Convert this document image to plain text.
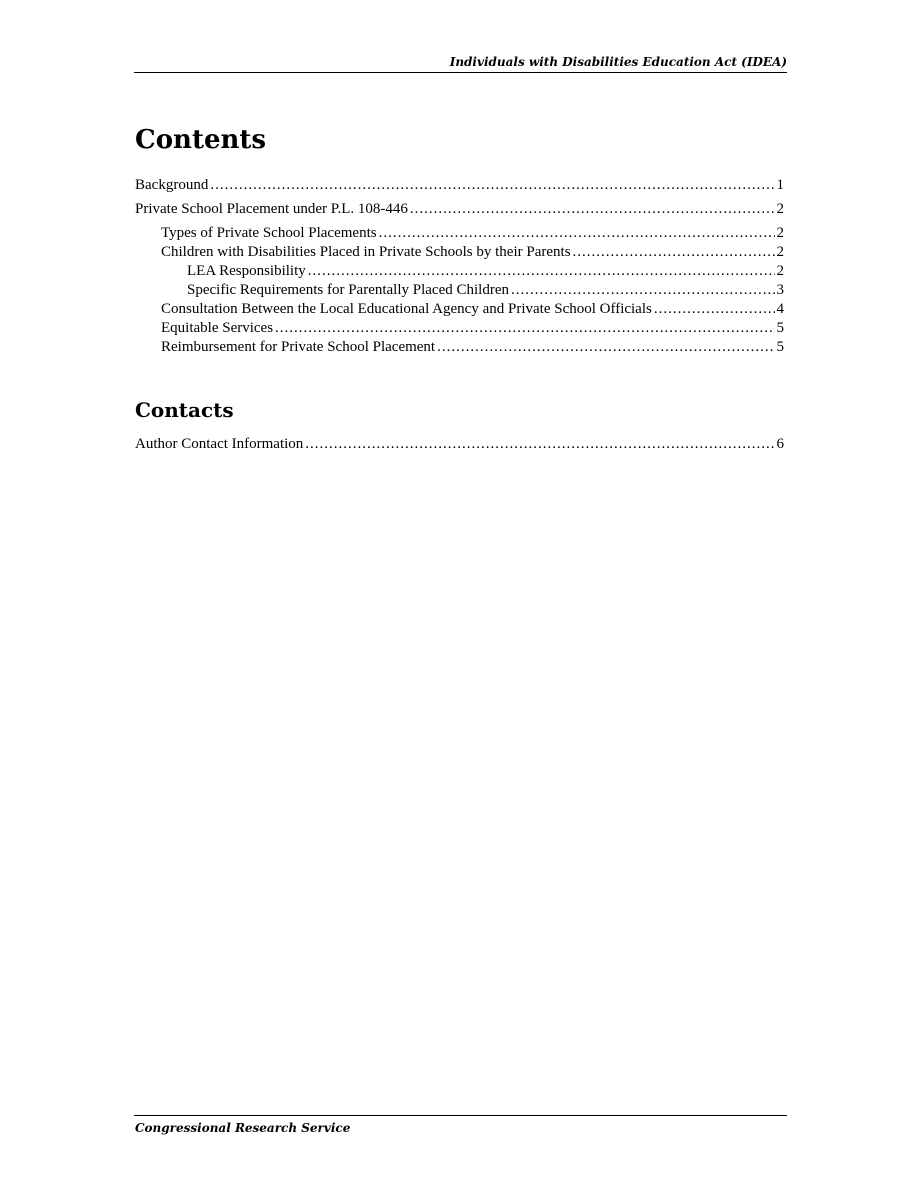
Individuals with Disabilities Education Act (IDEA)
Contents
Background .....	1
Private School Placement under P.L. 108-446 .....	2
Types of Private School Placements .....	2
Children with Disabilities Placed in Private Schools by their Parents .....	2
LEA Responsibility .....	2
Specific Requirements for Parentally Placed Children .....	3
Consultation Between the Local Educational Agency and Private School Officials .....	4
Equitable Services .....	5
Reimbursement for Private School Placement .....	5
Contacts
Author Contact Information .....	6
Congressional Research Service
